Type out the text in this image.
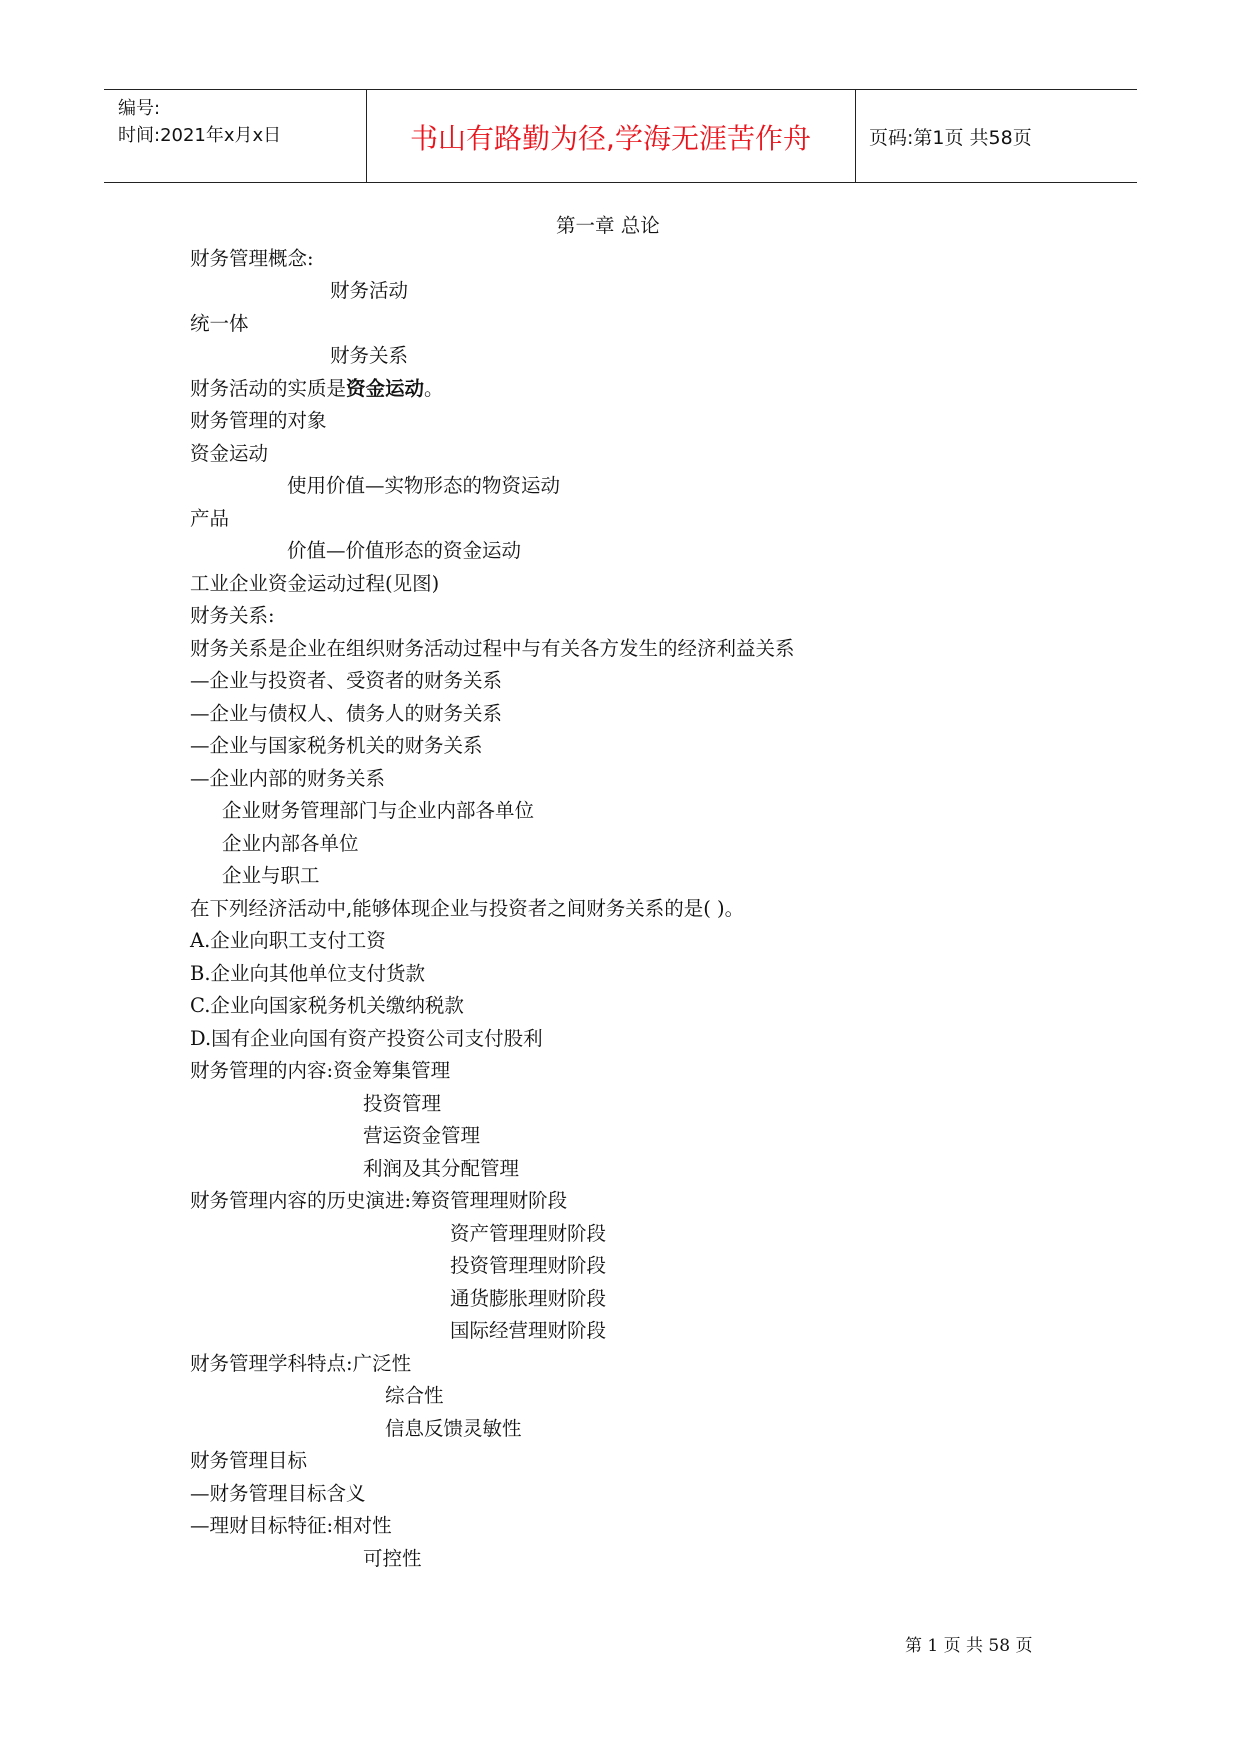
编号:
时间:2021年x月x日	书山有路勤为径,学海无涯苦作舟	页码:第1页 共58页
第一章 总论
财务管理概念:
财务活动
统一体
财务关系
财务活动的实质是资金运动。
财务管理的对象
资金运动
使用价值—实物形态的物资运动
产品
价值—价值形态的资金运动
工业企业资金运动过程(见图)
财务关系:
财务关系是企业在组织财务活动过程中与有关各方发生的经济利益关系
—企业与投资者、受资者的财务关系
—企业与债权人、债务人的财务关系
—企业与国家税务机关的财务关系
—企业内部的财务关系
企业财务管理部门与企业内部各单位
企业内部各单位
企业与职工
在下列经济活动中,能够体现企业与投资者之间财务关系的是( )。
A.企业向职工支付工资
B.企业向其他单位支付货款
C.企业向国家税务机关缴纳税款
D.国有企业向国有资产投资公司支付股利
财务管理的内容:资金筹集管理
投资管理
营运资金管理
利润及其分配管理
财务管理内容的历史演进:筹资管理理财阶段
资产管理理财阶段
投资管理理财阶段
通货膨胀理财阶段
国际经营理财阶段
财务管理学科特点:广泛性
综合性
信息反馈灵敏性
财务管理目标
—财务管理目标含义
—理财目标特征:相对性
可控性
第 1 页 共 58 页
